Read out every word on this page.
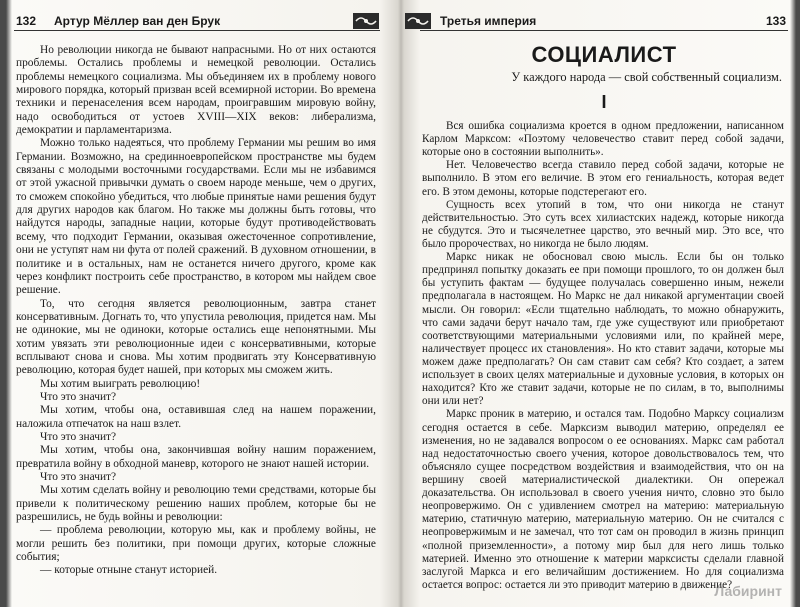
132 Артур Мёллер ван ден Брук

Но революции никогда не бывают напрасными. Но от них остаются проблемы. Остались проблемы и немецкой революции. Остались проблемы немецкого социализма. Мы объединяем их в проблему нового мирового порядка, который призван всей всемирной истории. Во времена техники и перенаселения всем народам, проигравшим мировую войну, надо освободиться от устоев XVIII—XIX веков: либерализма, демократии и парламентаризма.

Можно только надеяться, что проблему Германии мы решим во имя Германии. Возможно, на срединноевропейском пространстве мы будем связаны с молодыми восточными государствами. Если мы не избавимся от этой ужасной привычки думать о своем народе меньше, чем о других, то сможем спокойно убедиться, что любые принятые нами решения будут для других народов как благом. Но также мы должны быть готовы, что найдутся народы, западные нации, которые будут противодействовать всему, что подходит Германии, оказывая ожесточенное сопротивление, они не уступят нам ни фута от полей сражений. В духовном отношении, в политике и в остальных, нам не останется ничего другого, кроме как через конфликт построить себе пространство, в котором мы найдем свое решение.

То, что сегодня является революционным, завтра станет консервативным. Догнать то, что упустила революция, придется нам. Мы не одинокие, мы не одиноки, которые остались еще непонятными. Мы хотим увязать эти революционные идеи с консервативными, которые всплывают снова и снова. Мы хотим продвигать эту Консервативную революцию, которая будет нашей, при которых мы сможем жить.

Мы хотим выиграть революцию!

Что это значит?

Мы хотим, чтобы она, оставившая след на нашем поражении, наложила отпечаток на наш взлет.

Что это значит?

Мы хотим, чтобы она, закончившая войну нашим поражением, превратила войну в обходной маневр, которого не знают нашей истории.

Что это значит?

Мы хотим сделать войну и революцию теми средствами, которые бы привели к политическому решению наших проблем, которые бы не разрешились, не будь войны и революции:

— проблема революции, которую мы, как и проблему войны, не могли решить без политики, при помощи других, которые сложные события;

— которые отныне станут историей.

Третья империя	133
СОЦИАЛИСТ
У каждого народа — свой собственный социализм.
I

Вся ошибка социализма кроется в одном предложении, написанном Карлом Марксом: «Поэтому человечество ставит перед собой задачи, которые оно в состоянии выполнить».

Нет. Человечество всегда ставило перед собой задачи, которые не выполнило. В этом его величие. В этом его гениальность, которая ведет его. В этом демоны, которые подстерегают его.

Сущность всех утопий в том, что они никогда не станут действительностью. Это суть всех хилиастских надежд, которые никогда не сбудутся. Это и тысячелетнее царство, это вечный мир. Это все, что было пророчествах, но никогда не было людям.

Маркс никак не обосновал свою мысль. Если бы он только предпринял попытку доказать ее при помощи прошлого, то он должен был бы уступить фактам — будущее получалась совершенно иным, нежели предполагала в настоящем. Но Маркс не дал никакой аргументации своей мысли. Он говорил: «Если тщательно наблюдать, то можно обнаружить, что сами задачи берут начало там, где уже существуют или приобретают соответствующими материальными условиями или, по крайней мере, наличествует процесс их становления». Но кто ставит задачи, которые мы можем даже предполагать? Он сам ставит сам себя? Кто создает, а затем использует в своих целях материальные и духовные условия, в которых он находится? Кто же ставит задачи, которые не по силам, в то, выполнимы они или нет?

Маркс проник в материю, и остался там. Подобно Марксу социализм сегодня остается в себе. Марксизм выводил материю, определял ее изменения, но не задавался вопросом о ее основаниях. Маркс сам работал над недостаточностью своего учения, которое довольствовалось тем, что объясняло сущее посредством воздействия и взаимодействия, что он на вершину своей материалистической диалектики. Он опережал доказательства. Он использовал в своего учения ничто, словно это было неопровержимо. Он с удивлением смотрел на материю: материальную материю, статичную материю, материальную материю. Он не считался с неопровержимым и не замечал, что тот сам он проводил в жизнь принцип «полной приземленности», а потому мир был для него лишь только материей. Именно это отношение к материи марксисты сделали главной заслугой Маркса и его величайшим достижением. Но для социализма остается вопрос: остается ли это приводит материю в движение?

Лабиринт
